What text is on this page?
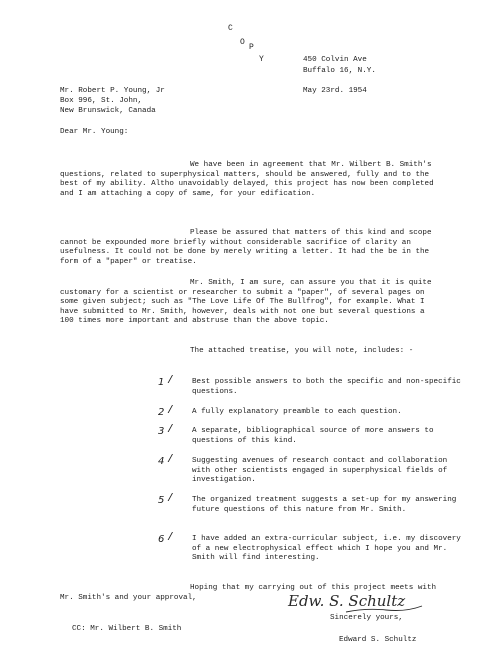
C
O
P
Y	450 Colvin Ave
Buffalo 16, N.Y.
Mr. Robert P. Young, Jr
Box 996, St. John,
New Brunswick, Canada
May 23rd. 1954
Dear Mr. Young:
We have been in agreement that Mr. Wilbert B. Smith's questions, related to superphysical matters, should be answered, fully and to the best of my ability. Altho unavoidably delayed, this project has now been completed and I am attaching a copy of same, for your edification.
Please be assured that matters of this kind and scope cannot be expounded more briefly without considerable sacrifice of clarity an usefulness. It could not be done by merely writing a letter. It had the be in the form of a "paper" or treatise.
Mr. Smith, I am sure, can assure you that it is quite customary for a scientist or researcher to submit a "paper", of several pages on some given subject; such as "The Love Life Of The Bullfrog", for example. What I have submitted to Mr. Smith, however, deals with not one but several questions a 100 times more important and abstruse than the above topic.
The attached treatise, you will note, includes: -
1 / Best possible answers to both the specific and non-specific questions.
2 / A fully explanatory preamble to each question.
3 / A separate, bibliographical source of more answers to questions of this kind.
4 / Suggesting avenues of research contact and collaboration with other scientists engaged in superphysical fields of investigation.
5 / The organized treatment suggests a set-up for my answering future questions of this nature from Mr. Smith.
6 / I have added an extra-curricular subject, i.e. my discovery of a new electrophysical effect which I hope you and Mr. Smith will find interesting.
Hoping that my carrying out of this project meets with Mr. Smith's and your approval,
Sincerely yours,
Edw. S. Schultz
CC: Mr. Wilbert B. Smith
Edward S. Schultz
